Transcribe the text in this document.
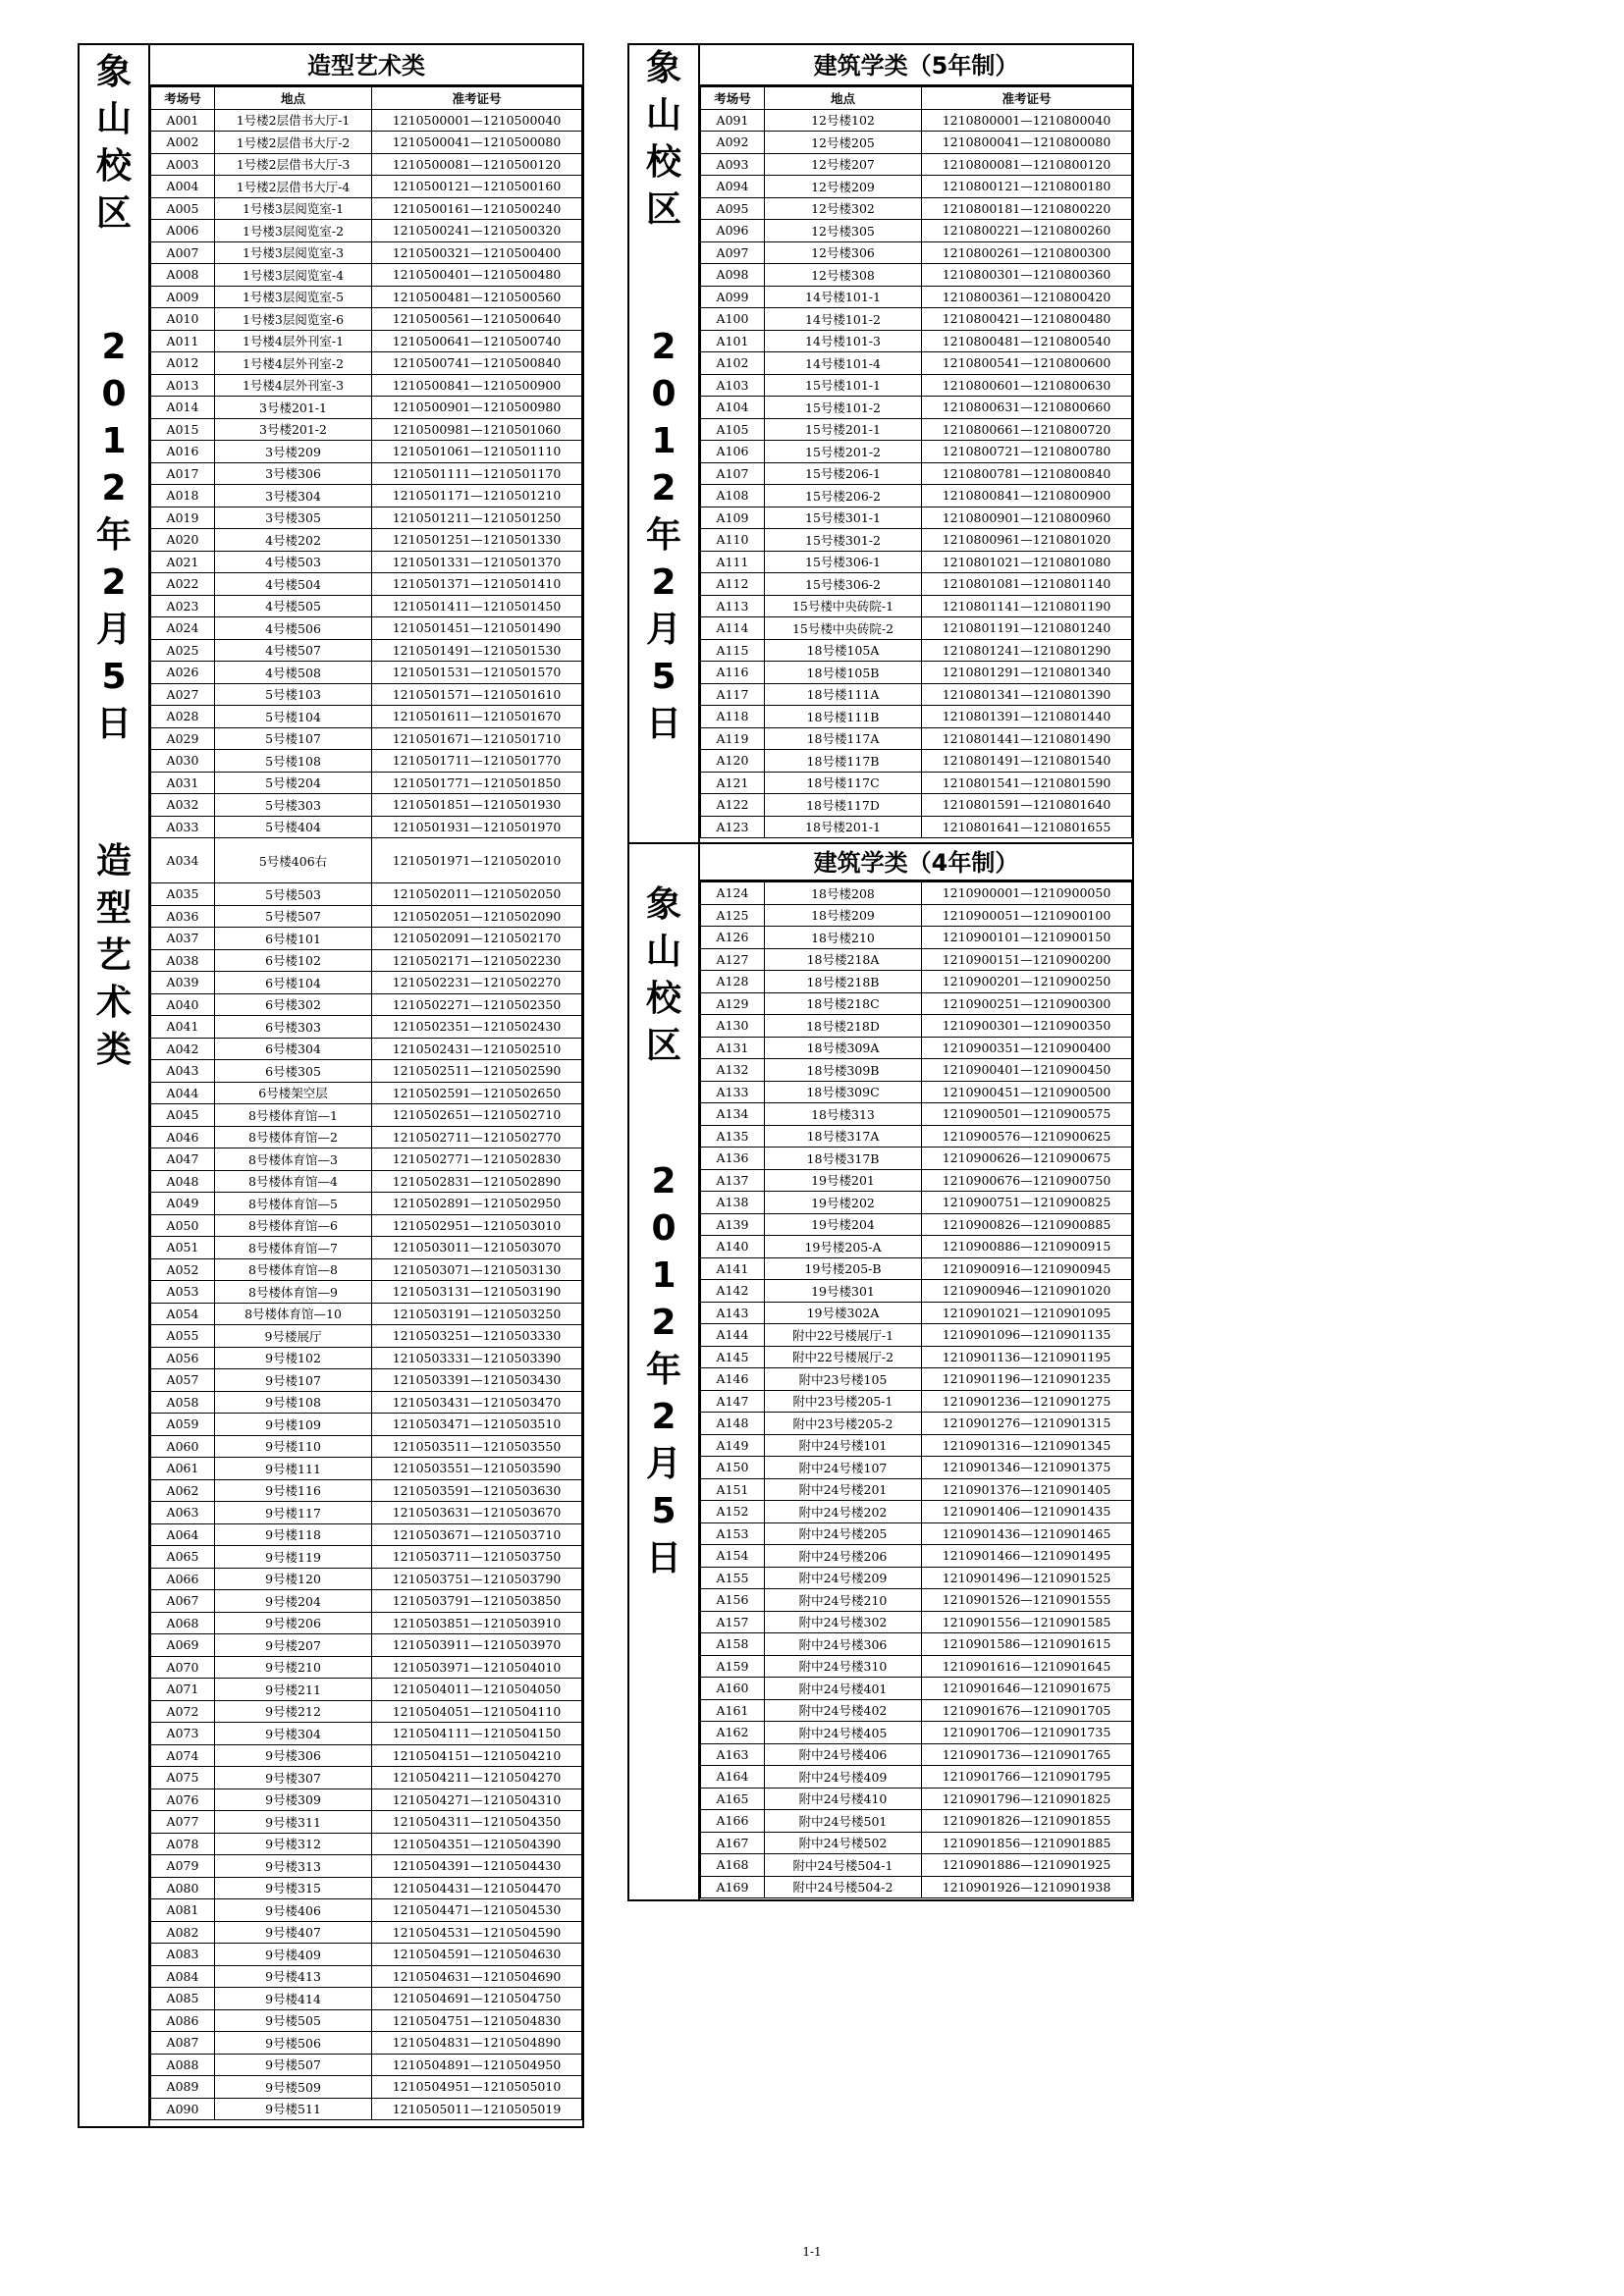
象山校区
2012年2月5日
造型艺术类
造型艺术类
考场号	地点	准考证号
A001	1号楼2层借书大厅-1	1210500001—1210500040
A002	1号楼2层借书大厅-2	1210500041—1210500080
A003	1号楼2层借书大厅-3	1210500081—1210500120
A004	1号楼2层借书大厅-4	1210500121—1210500160
A005	1号楼3层阅览室-1	1210500161—1210500240
A006	1号楼3层阅览室-2	1210500241—1210500320
A007	1号楼3层阅览室-3	1210500321—1210500400
A008	1号楼3层阅览室-4	1210500401—1210500480
A009	1号楼3层阅览室-5	1210500481—1210500560
A010	1号楼3层阅览室-6	1210500561—1210500640
A011	1号楼4层外刊室-1	1210500641—1210500740
A012	1号楼4层外刊室-2	1210500741—1210500840
A013	1号楼4层外刊室-3	1210500841—1210500900
A014	3号楼201-1	1210500901—1210500980
A015	3号楼201-2	1210500981—1210501060
A016	3号楼209	1210501061—1210501110
A017	3号楼306	1210501111—1210501170
A018	3号楼304	1210501171—1210501210
A019	3号楼305	1210501211—1210501250
A020	4号楼202	1210501251—1210501330
A021	4号楼503	1210501331—1210501370
A022	4号楼504	1210501371—1210501410
A023	4号楼505	1210501411—1210501450
A024	4号楼506	1210501451—1210501490
A025	4号楼507	1210501491—1210501530
A026	4号楼508	1210501531—1210501570
A027	5号楼103	1210501571—1210501610
A028	5号楼104	1210501611—1210501670
A029	5号楼107	1210501671—1210501710
A030	5号楼108	1210501711—1210501770
A031	5号楼204	1210501771—1210501850
A032	5号楼303	1210501851—1210501930
A033	5号楼404	1210501931—1210501970
A034	5号楼406右	1210501971—1210502010
A035	5号楼503	1210502011—1210502050
A036	5号楼507	1210502051—1210502090
A037	6号楼101	1210502091—1210502170
A038	6号楼102	1210502171—1210502230
A039	6号楼104	1210502231—1210502270
A040	6号楼302	1210502271—1210502350
A041	6号楼303	1210502351—1210502430
A042	6号楼304	1210502431—1210502510
A043	6号楼305	1210502511—1210502590
A044	6号楼架空层	1210502591—1210502650
A045	8号楼体育馆—1	1210502651—1210502710
A046	8号楼体育馆—2	1210502711—1210502770
A047	8号楼体育馆—3	1210502771—1210502830
A048	8号楼体育馆—4	1210502831—1210502890
A049	8号楼体育馆—5	1210502891—1210502950
A050	8号楼体育馆—6	1210502951—1210503010
A051	8号楼体育馆—7	1210503011—1210503070
A052	8号楼体育馆—8	1210503071—1210503130
A053	8号楼体育馆—9	1210503131—1210503190
A054	8号楼体育馆—10	1210503191—1210503250
A055	9号楼展厅	1210503251—1210503330
A056	9号楼102	1210503331—1210503390
A057	9号楼107	1210503391—1210503430
A058	9号楼108	1210503431—1210503470
A059	9号楼109	1210503471—1210503510
A060	9号楼110	1210503511—1210503550
A061	9号楼111	1210503551—1210503590
A062	9号楼116	1210503591—1210503630
A063	9号楼117	1210503631—1210503670
A064	9号楼118	1210503671—1210503710
A065	9号楼119	1210503711—1210503750
A066	9号楼120	1210503751—1210503790
A067	9号楼204	1210503791—1210503850
A068	9号楼206	1210503851—1210503910
A069	9号楼207	1210503911—1210503970
A070	9号楼210	1210503971—1210504010
A071	9号楼211	1210504011—1210504050
A072	9号楼212	1210504051—1210504110
A073	9号楼304	1210504111—1210504150
A074	9号楼306	1210504151—1210504210
A075	9号楼307	1210504211—1210504270
A076	9号楼309	1210504271—1210504310
A077	9号楼311	1210504311—1210504350
A078	9号楼312	1210504351—1210504390
A079	9号楼313	1210504391—1210504430
A080	9号楼315	1210504431—1210504470
A081	9号楼406	1210504471—1210504530
A082	9号楼407	1210504531—1210504590
A083	9号楼409	1210504591—1210504630
A084	9号楼413	1210504631—1210504690
A085	9号楼414	1210504691—1210504750
A086	9号楼505	1210504751—1210504830
A087	9号楼506	1210504831—1210504890
A088	9号楼507	1210504891—1210504950
A089	9号楼509	1210504951—1210505010
A090	9号楼511	1210505011—1210505019
象山校区
2012年2月5日
建筑学类（5年制）
考场号	地点	准考证号
A091	12号楼102	1210800001—1210800040
A092	12号楼205	1210800041—1210800080
A093	12号楼207	1210800081—1210800120
A094	12号楼209	1210800121—1210800180
A095	12号楼302	1210800181—1210800220
A096	12号楼305	1210800221—1210800260
A097	12号楼306	1210800261—1210800300
A098	12号楼308	1210800301—1210800360
A099	14号楼101-1	1210800361—1210800420
A100	14号楼101-2	1210800421—1210800480
A101	14号楼101-3	1210800481—1210800540
A102	14号楼101-4	1210800541—1210800600
A103	15号楼101-1	1210800601—1210800630
A104	15号楼101-2	1210800631—1210800660
A105	15号楼201-1	1210800661—1210800720
A106	15号楼201-2	1210800721—1210800780
A107	15号楼206-1	1210800781—1210800840
A108	15号楼206-2	1210800841—1210800900
A109	15号楼301-1	1210800901—1210800960
A110	15号楼301-2	1210800961—1210801020
A111	15号楼306-1	1210801021—1210801080
A112	15号楼306-2	1210801081—1210801140
A113	15号楼中央砖院-1	1210801141—1210801190
A114	15号楼中央砖院-2	1210801191—1210801240
A115	18号楼105A	1210801241—1210801290
A116	18号楼105B	1210801291—1210801340
A117	18号楼111A	1210801341—1210801390
A118	18号楼111B	1210801391—1210801440
A119	18号楼117A	1210801441—1210801490
A120	18号楼117B	1210801491—1210801540
A121	18号楼117C	1210801541—1210801590
A122	18号楼117D	1210801591—1210801640
A123	18号楼201-1	1210801641—1210801655
建筑学类（4年制）
象山校区
2012年2月5日
A124	18号楼208	1210900001—1210900050
A125	18号楼209	1210900051—1210900100
A126	18号楼210	1210900101—1210900150
A127	18号楼218A	1210900151—1210900200
A128	18号楼218B	1210900201—1210900250
A129	18号楼218C	1210900251—1210900300
A130	18号楼218D	1210900301—1210900350
A131	18号楼309A	1210900351—1210900400
A132	18号楼309B	1210900401—1210900450
A133	18号楼309C	1210900451—1210900500
A134	18号楼313	1210900501—1210900575
A135	18号楼317A	1210900576—1210900625
A136	18号楼317B	1210900626—1210900675
A137	19号楼201	1210900676—1210900750
A138	19号楼202	1210900751—1210900825
A139	19号楼204	1210900826—1210900885
A140	19号楼205-A	1210900886—1210900915
A141	19号楼205-B	1210900916—1210900945
A142	19号楼301	1210900946—1210901020
A143	19号楼302A	1210901021—1210901095
A144	附中22号楼展厅-1	1210901096—1210901135
A145	附中22号楼展厅-2	1210901136—1210901195
A146	附中23号楼105	1210901196—1210901235
A147	附中23号楼205-1	1210901236—1210901275
A148	附中23号楼205-2	1210901276—1210901315
A149	附中24号楼101	1210901316—1210901345
A150	附中24号楼107	1210901346—1210901375
A151	附中24号楼201	1210901376—1210901405
A152	附中24号楼202	1210901406—1210901435
A153	附中24号楼205	1210901436—1210901465
A154	附中24号楼206	1210901466—1210901495
A155	附中24号楼209	1210901496—1210901525
A156	附中24号楼210	1210901526—1210901555
A157	附中24号楼302	1210901556—1210901585
A158	附中24号楼306	1210901586—1210901615
A159	附中24号楼310	1210901616—1210901645
A160	附中24号楼401	1210901646—1210901675
A161	附中24号楼402	1210901676—1210901705
A162	附中24号楼405	1210901706—1210901735
A163	附中24号楼406	1210901736—1210901765
A164	附中24号楼409	1210901766—1210901795
A165	附中24号楼410	1210901796—1210901825
A166	附中24号楼501	1210901826—1210901855
A167	附中24号楼502	1210901856—1210901885
A168	附中24号楼504-1	1210901886—1210901925
A169	附中24号楼504-2	1210901926—1210901938
1-1
